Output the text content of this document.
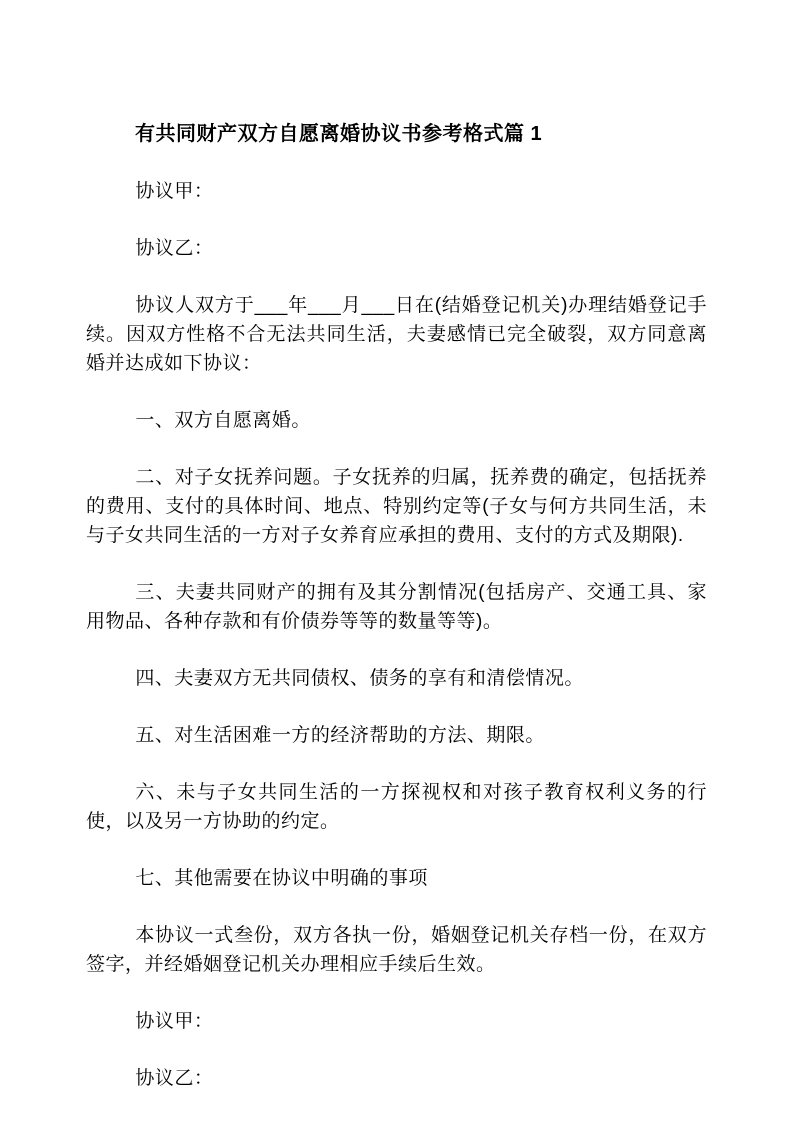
有共同财产双方自愿离婚协议书参考格式篇 1

协议甲：

协议乙：

协议人双方于___年___月___日在(结婚登记机关)办理结婚登记手续。因双方性格不合无法共同生活，夫妻感情已完全破裂，双方同意离婚并达成如下协议：

一、双方自愿离婚。

二、对子女抚养问题。子女抚养的归属，抚养费的确定，包括抚养的费用、支付的具体时间、地点、特别约定等(子女与何方共同生活，未与子女共同生活的一方对子女养育应承担的费用、支付的方式及期限).

三、夫妻共同财产的拥有及其分割情况(包括房产、交通工具、家用物品、各种存款和有价债券等等的数量等等)。

四、夫妻双方无共同债权、债务的享有和清偿情况。

五、对生活困难一方的经济帮助的方法、期限。

六、未与子女共同生活的一方探视权和对孩子教育权利义务的行使，以及另一方协助的约定。

七、其他需要在协议中明确的事项

本协议一式叁份，双方各执一份，婚姻登记机关存档一份，在双方签字，并经婚姻登记机关办理相应手续后生效。

协议甲：

协议乙：
